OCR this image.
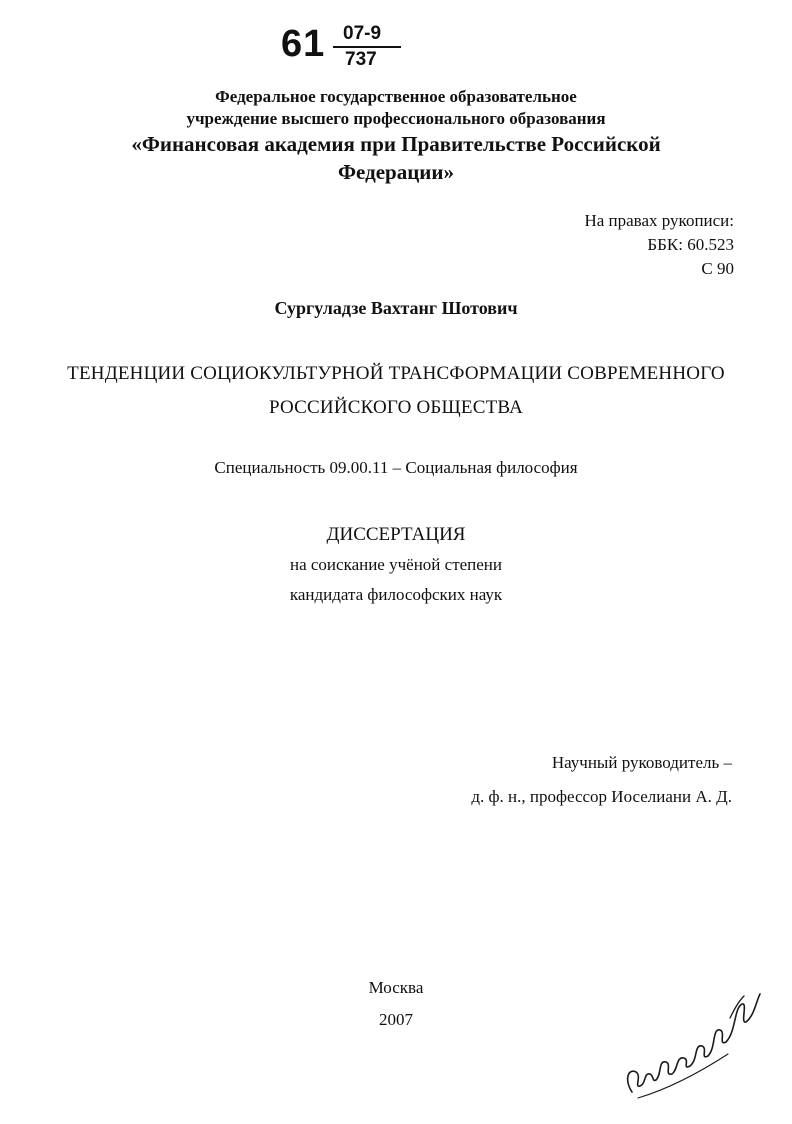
61 07-9
737
Федеральное государственное образовательное
учреждение высшего профессионального образования
«Финансовая академия при Правительстве Российской
Федерации»
На правах рукописи:
ББК: 60.523
С 90
Сургуладзе Вахтанг Шотович
ТЕНДЕНЦИИ СОЦИОКУЛЬТУРНОЙ ТРАНСФОРМАЦИИ СОВРЕМЕННОГО
РОССИЙСКОГО ОБЩЕСТВА
Специальность 09.00.11 – Социальная философия
ДИССЕРТАЦИЯ
на соискание учёной степени
кандидата философских наук
Научный руководитель –
д. ф. н., профессор Иоселиани А. Д.
Москва
2007
